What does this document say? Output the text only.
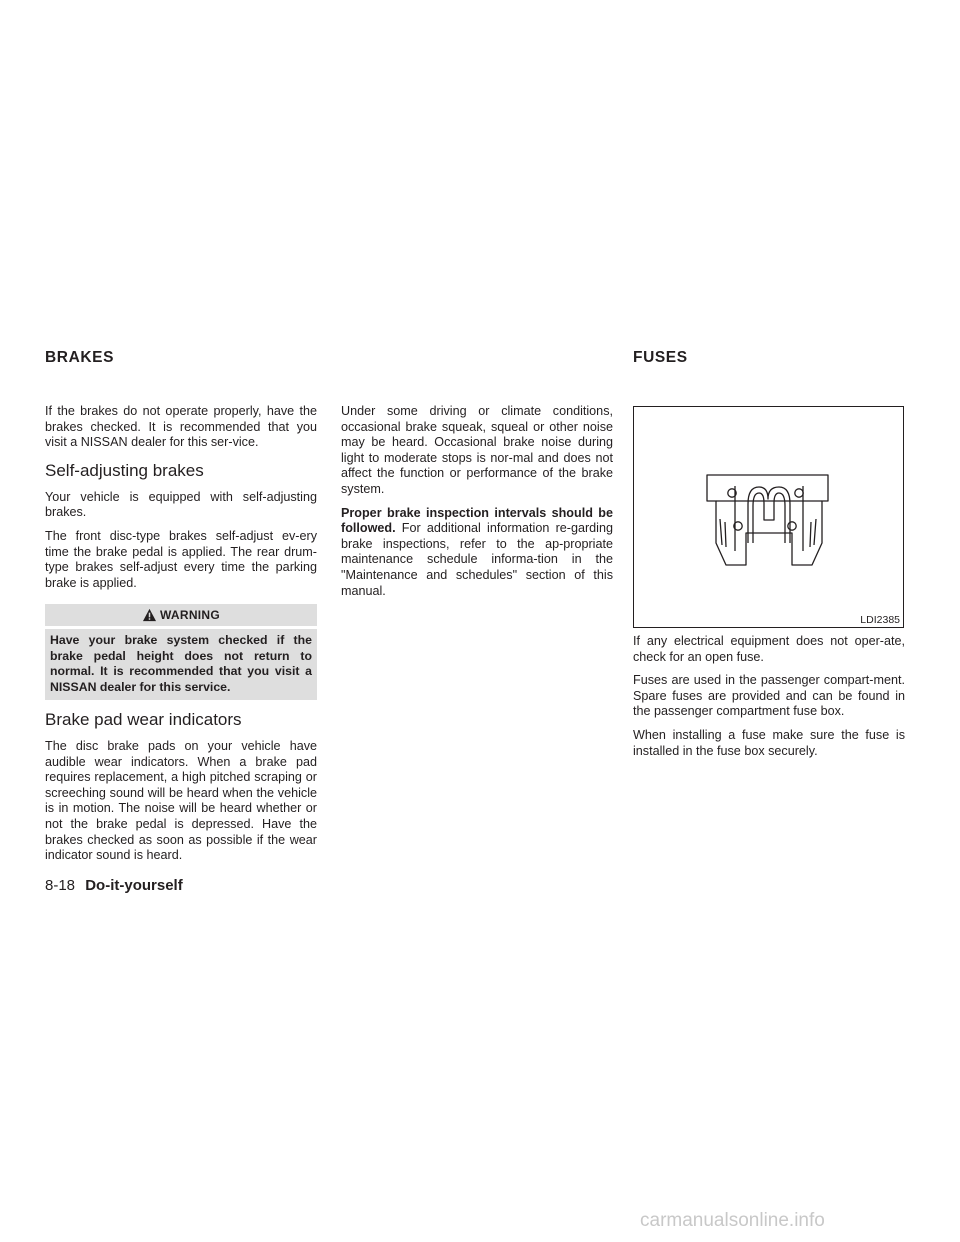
BRAKES	FUSES

If the brakes do not operate properly, have the brakes checked. It is recommended that you visit a NISSAN dealer for this ser-vice.

Self-adjusting brakes

Your vehicle is equipped with self-adjusting brakes.

The front disc-type brakes self-adjust ev-ery time the brake pedal is applied. The rear drum-type brakes self-adjust every time the parking brake is applied.

WARNING
Have your brake system checked if the brake pedal height does not return to normal. It is recommended that you visit a NISSAN dealer for this service.
Brake pad wear indicators

The disc brake pads on your vehicle have audible wear indicators. When a brake pad requires replacement, a high pitched scraping or screeching sound will be heard when the vehicle is in motion. The noise will be heard whether or not the brake pedal is depressed. Have the brakes checked as soon as possible if the wear indicator sound is heard.

Under some driving or climate conditions, occasional brake squeak, squeal or other noise may be heard. Occasional brake noise during light to moderate stops is nor-mal and does not affect the function or performance of the brake system.

Proper brake inspection intervals should be followed. For additional information re-garding brake inspections, refer to the ap-propriate maintenance schedule informa-tion in the "Maintenance and schedules" section of this manual.

LDI2385

If any electrical equipment does not oper-ate, check for an open fuse.

Fuses are used in the passenger compart-ment. Spare fuses are provided and can be found in the passenger compartment fuse box.

When installing a fuse make sure the fuse is installed in the fuse box securely.

8-18 Do-it-yourself
carmanualsonline.info
